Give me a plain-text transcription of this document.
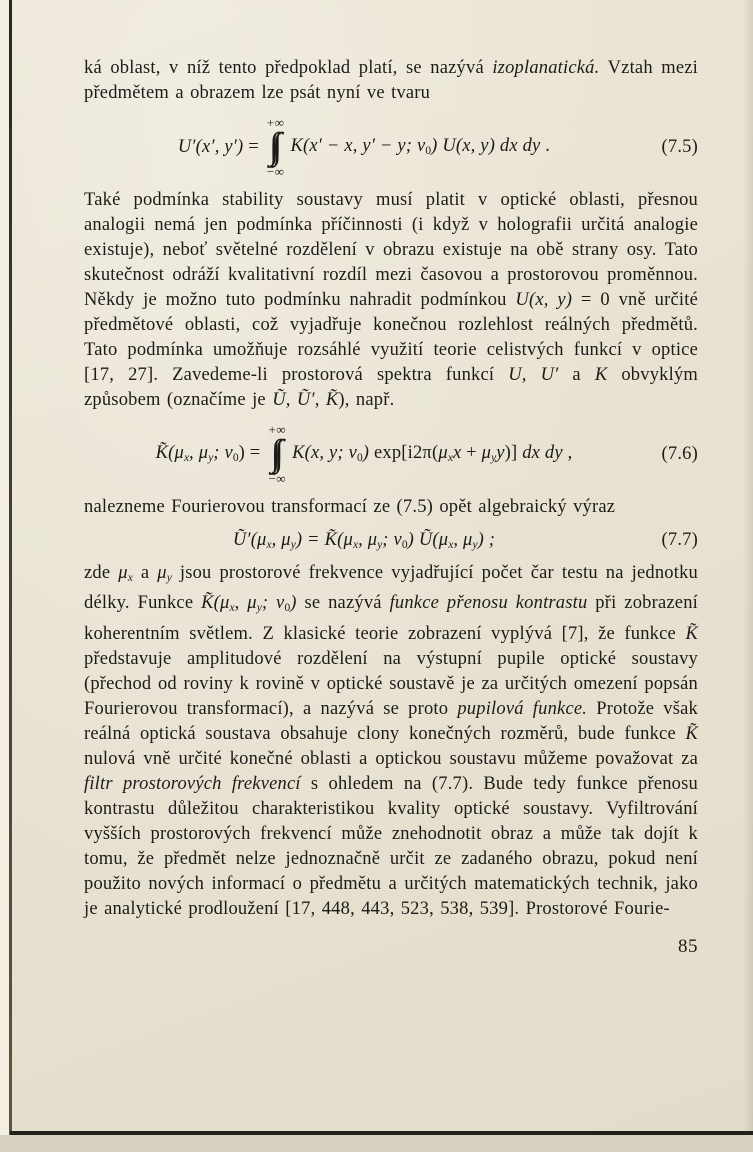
ká oblast, v níž tento předpoklad platí, se nazývá izoplanatická. Vztah mezi předmětem a obrazem lze psát nyní ve tvaru

U′(x′, y′) =
+∞
∫∫
−∞
K(x′ − x, y′ − y; ν0) U(x, y) dx dy .	(7.5)

Také podmínka stability soustavy musí platit v optické oblasti, přesnou analogii nemá jen podmínka příčinnosti (i když v holografii určitá analogie existuje), neboť světelné rozdělení v obrazu existuje na obě strany osy. Tato skutečnost odráží kvalitativní rozdíl mezi časovou a prostorovou proměnnou. Někdy je možno tuto podmínku nahradit podmínkou U(x, y) = 0 vně určité předmětové oblasti, což vyjadřuje konečnou rozlehlost reálných předmětů. Tato podmínka umožňuje rozsáhlé využití teorie celistvých funkcí v optice [17, 27]. Zavedeme-li prostorová spektra funkcí U, U′ a K obvyklým způsobem (označíme je Ũ, Ũ′, K̃), např.

K̃(μx, μy; ν0) =
+∞
∫∫
−∞
K(x, y; ν0) exp[i2π(μxx + μyy)] dx dy ,	(7.6)

nalezneme Fourierovou transformací ze (7.5) opět algebraický výraz

Ũ′(μx, μy) = K̃(μx, μy; ν0) Ũ(μx, μy) ;	(7.7)

zde μx a μy jsou prostorové frekvence vyjadřující počet čar testu na jednotku délky. Funkce K̃(μx, μy; ν0) se nazývá funkce přenosu kontrastu při zobrazení koherentním světlem. Z klasické teorie zobrazení vyplývá [7], že funkce K̃ představuje amplitudové rozdělení na výstupní pupile optické soustavy (přechod od roviny k rovině v optické soustavě je za určitých omezení popsán Fourierovou transformací), a nazývá se proto pupilová funkce. Protože však reálná optická soustava obsahuje clony konečných rozměrů, bude funkce K̃ nulová vně určité konečné oblasti a optickou soustavu můžeme považovat za filtr prostorových frekvencí s ohledem na (7.7). Bude tedy funkce přenosu kontrastu důležitou charakteristikou kvality optické soustavy. Vyfiltrování vyšších prostorových frekvencí může znehodnotit obraz a může tak dojít k tomu, že předmět nelze jednoznačně určit ze zadaného obrazu, pokud není použito nových informací o předmětu a určitých matematických technik, jako je analytické prodloužení [17, 448, 443, 523, 538, 539]. Prostorové Fourie-

85
